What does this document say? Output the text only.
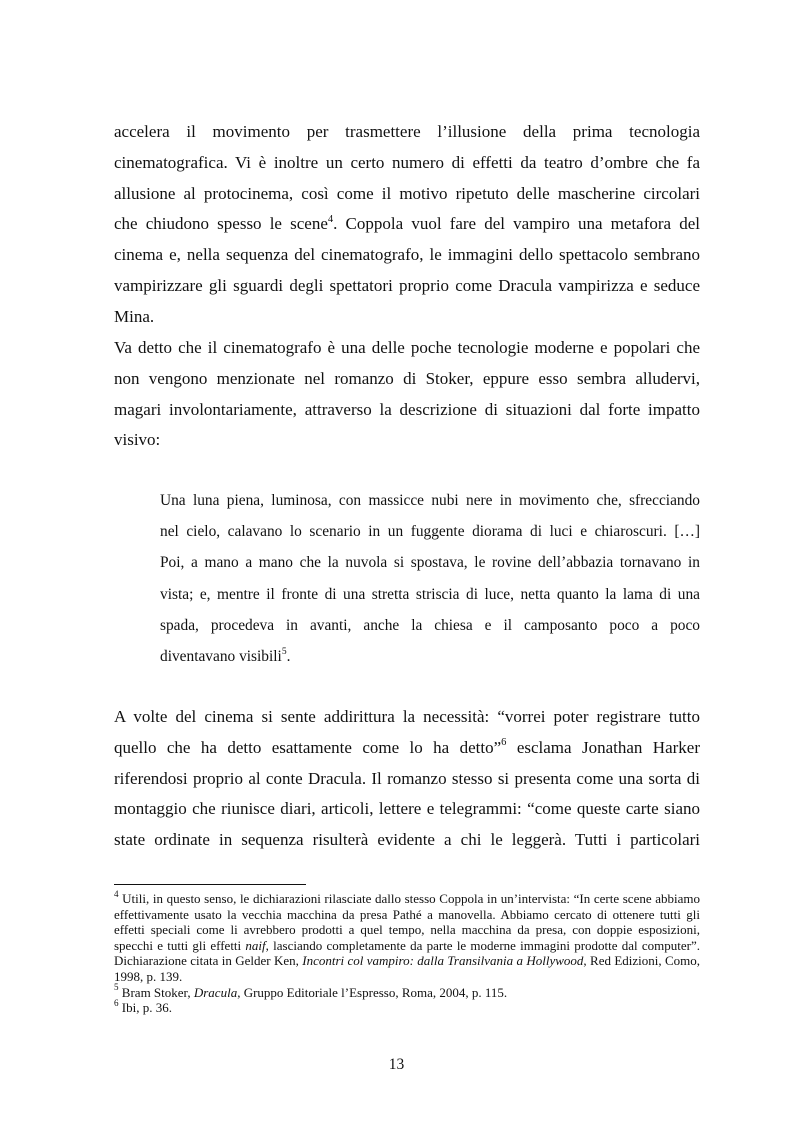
accelera il movimento per trasmettere l’illusione della prima tecnologia

cinematografica. Vi è inoltre un certo numero di effetti da teatro d’ombre che fa

allusione al protocinema, così come il motivo ripetuto delle mascherine circolari

che chiudono spesso le scene$^4$. Coppola vuol fare del vampiro una metafora del

cinema e, nella sequenza del cinematografo, le immagini dello spettacolo sembrano

vampirizzare gli sguardi degli spettatori proprio come Dracula vampirizza e seduce

Mina.

Va detto che il cinematografo è una delle poche tecnologie moderne e popolari che

non vengono menzionate nel romanzo di Stoker, eppure esso sembra alludervi,

magari involontariamente, attraverso la descrizione di situazioni dal forte impatto

visivo:

Una luna piena, luminosa, con massicce nubi nere in movimento che, sfrecciando

nel cielo, calavano lo scenario in un fuggente diorama di luci e chiaroscuri. […]

Poi, a mano a mano che la nuvola si spostava, le rovine dell’abbazia tornavano in

vista; e, mentre il fronte di una stretta striscia di luce, netta quanto la lama di una

spada, procedeva in avanti, anche la chiesa e il camposanto poco a poco

diventavano visibili$^5$.

A volte del cinema si sente addirittura la necessità: “vorrei poter registrare tutto

quello che ha detto esattamente come lo ha detto”$^6$ esclama Jonathan Harker

riferendosi proprio al conte Dracula. Il romanzo stesso si presenta come una sorta di

montaggio che riunisce diari, articoli, lettere e telegrammi: “come queste carte siano

state ordinate in sequenza risulterà evidente a chi le leggerà. Tutti i particolari

$^4$ Utili, in questo senso, le dichiarazioni rilasciate dallo stesso Coppola in un’intervista: “In certe scene abbiamo effettivamente usato la vecchia macchina da presa Pathé a manovella. Abbiamo cercato di ottenere tutti gli effetti speciali come li avrebbero prodotti a quel tempo, nella macchina da presa, con doppie esposizioni, specchi e tutti gli effetti naif, lasciando completamente da parte le moderne immagini prodotte dal computer”. Dichiarazione citata in Gelder Ken, Incontri col vampiro: dalla Transilvania a Hollywood, Red Edizioni, Como, 1998, p. 139.

$^5$ Bram Stoker, Dracula, Gruppo Editoriale l’Espresso, Roma, 2004, p. 115.

$^6$ Ibi, p. 36.

13
